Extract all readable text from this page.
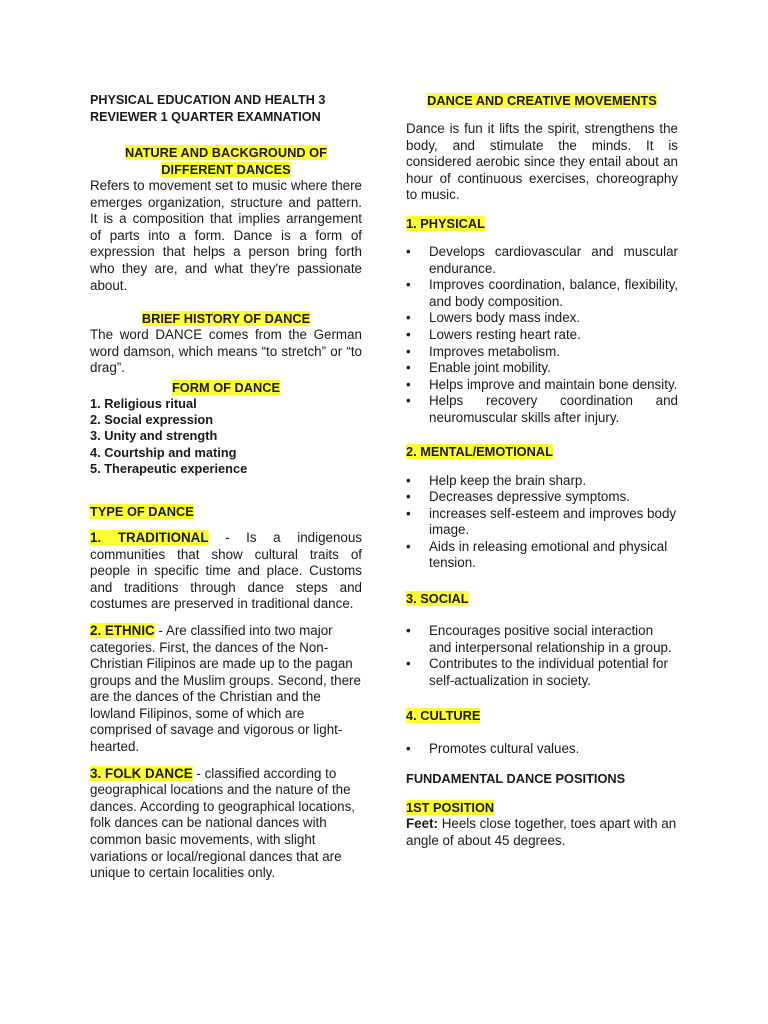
PHYSICAL EDUCATION AND HEALTH 3

REVIEWER 1 QUARTER EXAMNATION

NATURE AND BACKGROUND OF
DIFFERENT DANCES

Refers to movement set to music where there emerges organization, structure and pattern. It is a composition that implies arrangement of parts into a form. Dance is a form of expression that helps a person bring forth who they are, and what they're passionate about.

BRIEF HISTORY OF DANCE

The word DANCE comes from the German word damson, which means “to stretch” or “to drag”.

FORM OF DANCE
1. Religious ritual
2. Social expression
3. Unity and strength
4. Courtship and mating
5. Therapeutic experience
TYPE OF DANCE

1. TRADITIONAL - Is a indigenous communities that show cultural traits of people in specific time and place. Customs and traditions through dance steps and costumes are preserved in traditional dance.

2. ETHNIC - Are classified into two major categories. First, the dances of the Non-Christian Filipinos are made up to the pagan groups and the Muslim groups. Second, there are the dances of the Christian and the lowland Filipinos, some of which are comprised of savage and vigorous or light-hearted.

3. FOLK DANCE - classified according to geographical locations and the nature of the dances. According to geographical locations, folk dances can be national dances with common basic movements, with slight variations or local/regional dances that are unique to certain localities only.

DANCE AND CREATIVE MOVEMENTS

Dance is fun it lifts the spirit, strengthens the body, and stimulate the minds. It is considered aerobic since they entail about an hour of continuous exercises, choreography to music.

1. PHYSICAL
• Develops cardiovascular and muscular endurance.
• Improves coordination, balance, flexibility, and body composition.
• Lowers body mass index.
• Lowers resting heart rate.
• Improves metabolism.
• Enable joint mobility.
• Helps improve and maintain bone density.
• Helps recovery coordination and neuromuscular skills after injury.
2. MENTAL/EMOTIONAL
• Help keep the brain sharp.
• Decreases depressive symptoms.
• increases self-esteem and improves body image.
• Aids in releasing emotional and physical tension.
3. SOCIAL
• Encourages positive social interaction and interpersonal relationship in a group.
• Contributes to the individual potential for self-actualization in society.
4. CULTURE
• Promotes cultural values.
FUNDAMENTAL DANCE POSITIONS
1ST POSITION

Feet: Heels close together, toes apart with an angle of about 45 degrees.
